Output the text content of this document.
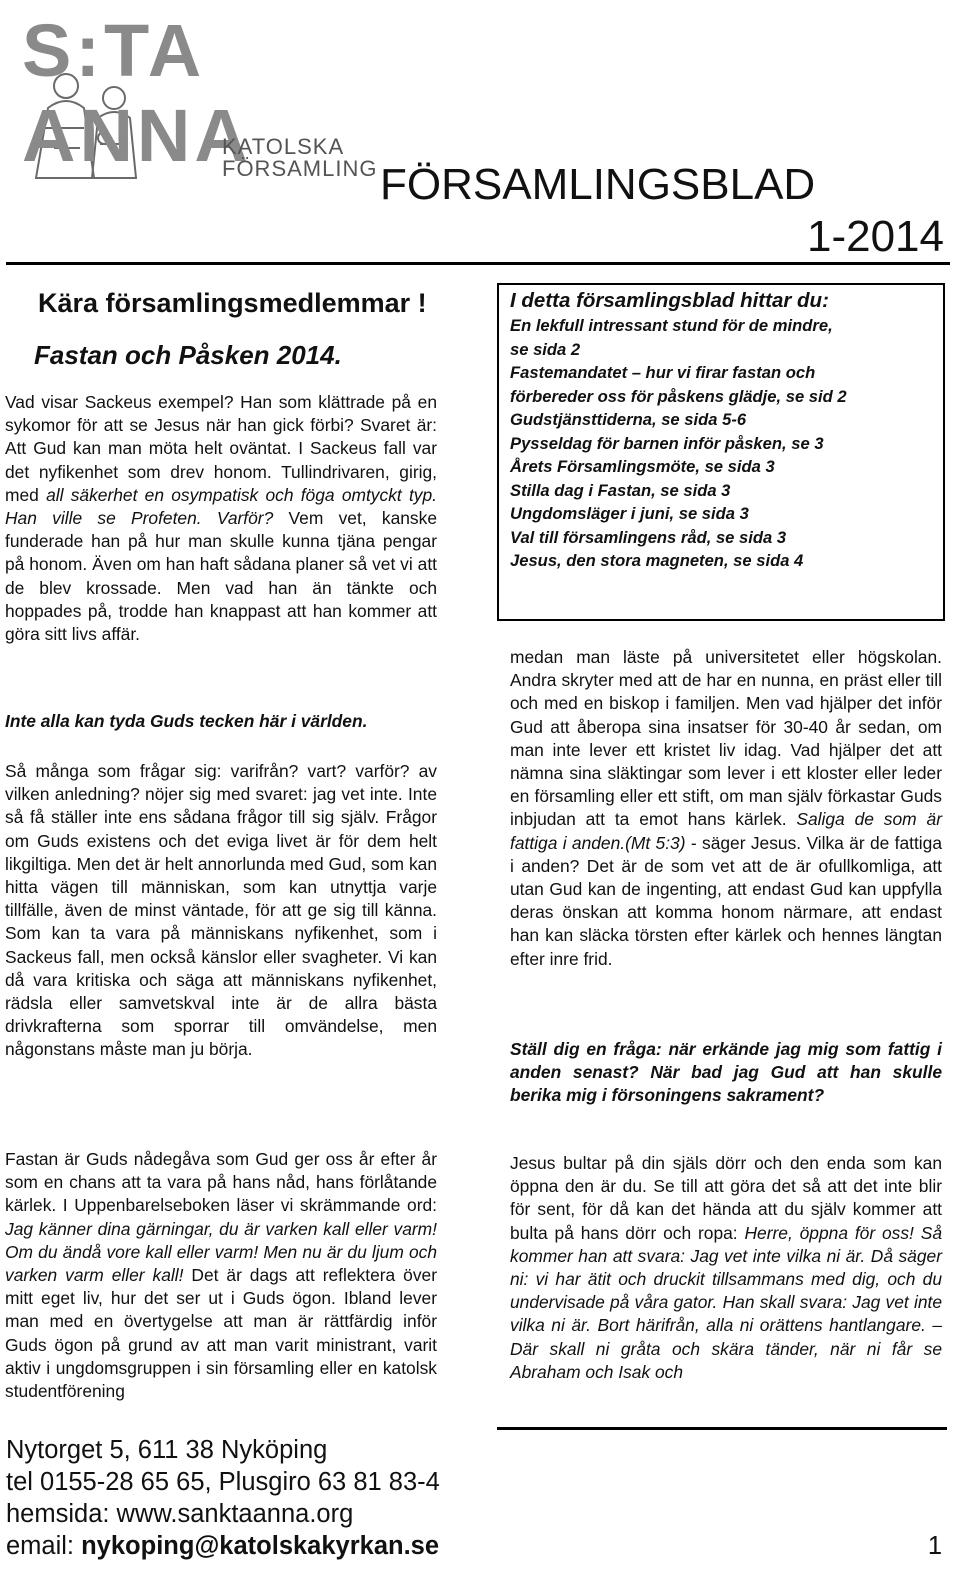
S:TA ANNA
KATOLSKA
FÖRSAMLING FÖRSAMLINGSBLAD
1-2014
Kära församlingsmedlemmar !
Fastan och Påsken 2014.
Vad visar Sackeus exempel? Han som klättrade på en sykomor för att se Jesus när han gick förbi? Svaret är: Att Gud kan man möta helt oväntat. I Sackeus fall var det nyfikenhet som drev honom. Tullindrivaren, girig, med all säkerhet en osympatisk och föga omtyckt typ. Han ville se Profeten. Varför? Vem vet, kanske funderade han på hur man skulle kunna tjäna pengar på honom. Även om han haft sådana planer så vet vi att de blev krossade. Men vad han än tänkte och hoppades på, trodde han knappast att han kommer att göra sitt livs affär.
Inte alla kan tyda Guds tecken här i världen.
Så många som frågar sig: varifrån? vart? varför? av vilken anledning? nöjer sig med svaret: jag vet inte. Inte så få ställer inte ens sådana frågor till sig själv. Frågor om Guds existens och det eviga livet är för dem helt likgiltiga. Men det är helt annorlunda med Gud, som kan hitta vägen till människan, som kan utnyttja varje tillfälle, även de minst väntade, för att ge sig till känna. Som kan ta vara på människans nyfikenhet, som i Sackeus fall, men också känslor eller svagheter. Vi kan då vara kritiska och säga att människans nyfikenhet, rädsla eller samvetskval inte är de allra bästa drivkrafterna som sporrar till omvändelse, men någonstans måste man ju börja.
Fastan är Guds nådegåva som Gud ger oss år efter år som en chans att ta vara på hans nåd, hans förlåtande kärlek. I Uppenbarelseboken läser vi skrämmande ord: Jag känner dina gärningar, du är varken kall eller varm! Om du ändå vore kall eller varm! Men nu är du ljum och varken varm eller kall! Det är dags att reflektera över mitt eget liv, hur det ser ut i Guds ögon. Ibland lever man med en övertygelse att man är rättfärdig inför Guds ögon på grund av att man varit ministrant, varit aktiv i ungdomsgruppen i sin församling eller en katolsk studentförening
I detta församlingsblad hittar du:
En lekfull intressant stund för de mindre,
se sida 2
Fastemandatet – hur vi firar fastan och
förbereder oss för påskens glädje, se sid 2
Gudstjänsttiderna, se sida 5-6
Pysseldag för barnen inför påsken, se 3
Årets Församlingsmöte, se sida 3
Stilla dag i Fastan, se sida 3
Ungdomsläger i juni, se sida 3
Val till församlingens råd, se sida 3
Jesus, den stora magneten, se sida 4
medan man läste på universitetet eller högskolan. Andra skryter med att de har en nunna, en präst eller till och med en biskop i familjen. Men vad hjälper det inför Gud att åberopa sina insatser för 30-40 år sedan, om man inte lever ett kristet liv idag. Vad hjälper det att nämna sina släktingar som lever i ett kloster eller leder en församling eller ett stift, om man själv förkastar Guds inbjudan att ta emot hans kärlek. Saliga de som är fattiga i anden.(Mt 5:3) - säger Jesus. Vilka är de fattiga i anden? Det är de som vet att de är ofullkomliga, att utan Gud kan de ingenting, att endast Gud kan uppfylla deras önskan att komma honom närmare, att endast han kan släcka törsten efter kärlek och hennes längtan efter inre frid.
Ställ dig en fråga: när erkände jag mig som fattig i anden senast? När bad jag Gud att han skulle berika mig i försoningens sakrament?
Jesus bultar på din själs dörr och den enda som kan öppna den är du. Se till att göra det så att det inte blir för sent, för då kan det hända att du själv kommer att bulta på hans dörr och ropa: Herre, öppna för oss! Så kommer han att svara: Jag vet inte vilka ni är. Då säger ni: vi har ätit och druckit tillsammans med dig, och du undervisade på våra gator. Han skall svara: Jag vet inte vilka ni är. Bort härifrån, alla ni orättens hantlangare. – Där skall ni gråta och skära tänder, när ni får se Abraham och Isak och
Nytorget 5, 611 38 Nyköping
tel 0155-28 65 65, Plusgiro 63 81 83-4
hemsida: www.sanktaanna.org
email: nykoping@katolskakyrkan.se	1
